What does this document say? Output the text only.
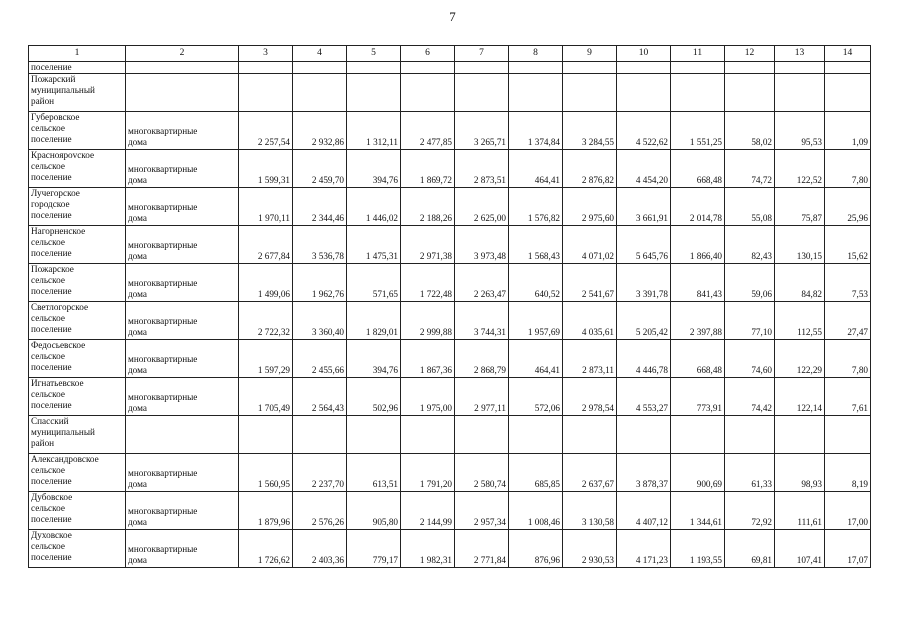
7
1	2	3	4	5	6	7	8	9	10	11	12	13	14
поселение													
Пожарский
муниципальный
район													
Губеровское
сельское
поселение	многоквартирные
дома	2 257,54	2 932,86	1 312,11	2 477,85	3 265,71	1 374,84	3 284,55	4 522,62	1 551,25	58,02	95,53	1,09
Красноярovское
сельское
поселение	многоквартирные
дома	1 599,31	2 459,70	394,76	1 869,72	2 873,51	464,41	2 876,82	4 454,20	668,48	74,72	122,52	7,80
Лучегорское
городское
поселение	многоквартирные
дома	1 970,11	2 344,46	1 446,02	2 188,26	2 625,00	1 576,82	2 975,60	3 661,91	2 014,78	55,08	75,87	25,96
Нагорненское
сельское
поселение	многоквартирные
дома	2 677,84	3 536,78	1 475,31	2 971,38	3 973,48	1 568,43	4 071,02	5 645,76	1 866,40	82,43	130,15	15,62
Пожарское
сельское
поселение	многоквартирные
дома	1 499,06	1 962,76	571,65	1 722,48	2 263,47	640,52	2 541,67	3 391,78	841,43	59,06	84,82	7,53
Светлогорское
сельское
поселение	многоквартирные
дома	2 722,32	3 360,40	1 829,01	2 999,88	3 744,31	1 957,69	4 035,61	5 205,42	2 397,88	77,10	112,55	27,47
Федосьевское
сельское
поселение	многоквартирные
дома	1 597,29	2 455,66	394,76	1 867,36	2 868,79	464,41	2 873,11	4 446,78	668,48	74,60	122,29	7,80
Игнатьевское
сельское
поселение	многоквартирные
дома	1 705,49	2 564,43	502,96	1 975,00	2 977,11	572,06	2 978,54	4 553,27	773,91	74,42	122,14	7,61
Спасский
муниципальный
район													
Александровское
сельское
поселение	многоквартирные
дома	1 560,95	2 237,70	613,51	1 791,20	2 580,74	685,85	2 637,67	3 878,37	900,69	61,33	98,93	8,19
Дубовское
сельское
поселение	многоквартирные
дома	1 879,96	2 576,26	905,80	2 144,99	2 957,34	1 008,46	3 130,58	4 407,12	1 344,61	72,92	111,61	17,00
Духовское
сельское
поселение	многоквартирные
дома	1 726,62	2 403,36	779,17	1 982,31	2 771,84	876,96	2 930,53	4 171,23	1 193,55	69,81	107,41	17,07
